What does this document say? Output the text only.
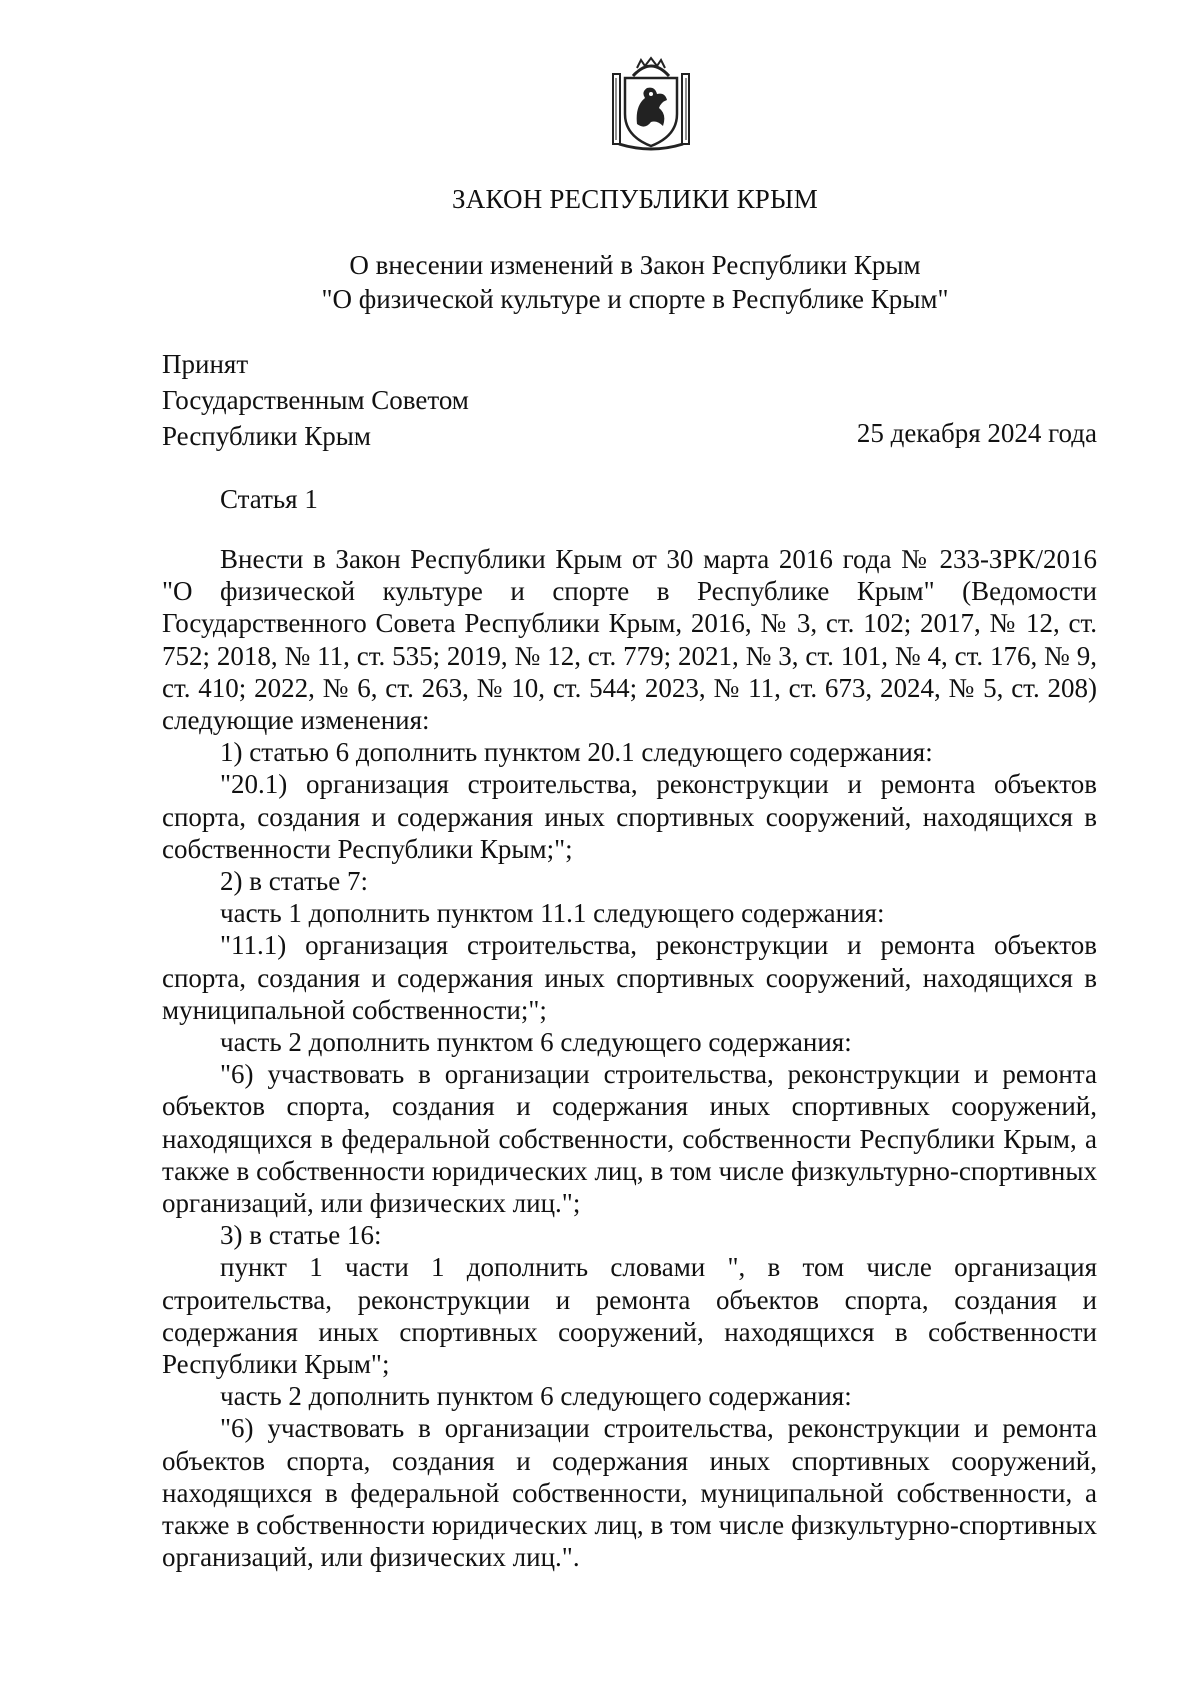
ЗАКОН РЕСПУБЛИКИ КРЫМ
О внесении изменений в Закон Республики Крым
"О физической культуре и спорте в Республике Крым"
Принят
Государственным Советом
Республики Крым	25 декабря 2024 года
Статья 1

Внести в Закон Республики Крым от 30 марта 2016 года № 233-ЗРК/2016 "О физической культуре и спорте в Республике Крым" (Ведомости Государственного Совета Республики Крым, 2016, № 3, ст. 102; 2017, № 12, ст. 752; 2018, № 11, ст. 535; 2019, № 12, ст. 779; 2021, № 3, ст. 101, № 4, ст. 176, № 9, ст. 410; 2022, № 6, ст. 263, № 10, ст. 544; 2023, № 11, ст. 673, 2024, № 5, ст. 208) следующие изменения:

1) статью 6 дополнить пунктом 20.1 следующего содержания:

"20.1) организация строительства, реконструкции и ремонта объектов спорта, создания и содержания иных спортивных сооружений, находящихся в собственности Республики Крым;";

2) в статье 7:

часть 1 дополнить пунктом 11.1 следующего содержания:

"11.1) организация строительства, реконструкции и ремонта объектов спорта, создания и содержания иных спортивных сооружений, находящихся в муниципальной собственности;";

часть 2 дополнить пунктом 6 следующего содержания:

"6) участвовать в организации строительства, реконструкции и ремонта объектов спорта, создания и содержания иных спортивных сооружений, находящихся в федеральной собственности, собственности Республики Крым, а также в собственности юридических лиц, в том числе физкультурно-спортивных организаций, или физических лиц.";

3) в статье 16:

пункт 1 части 1 дополнить словами ", в том числе организация строительства, реконструкции и ремонта объектов спорта, создания и содержания иных спортивных сооружений, находящихся в собственности Республики Крым";

часть 2 дополнить пунктом 6 следующего содержания:

"6) участвовать в организации строительства, реконструкции и ремонта объектов спорта, создания и содержания иных спортивных сооружений, находящихся в федеральной собственности, муниципальной собственности, а также в собственности юридических лиц, в том числе физкультурно-спортивных организаций, или физических лиц.".
